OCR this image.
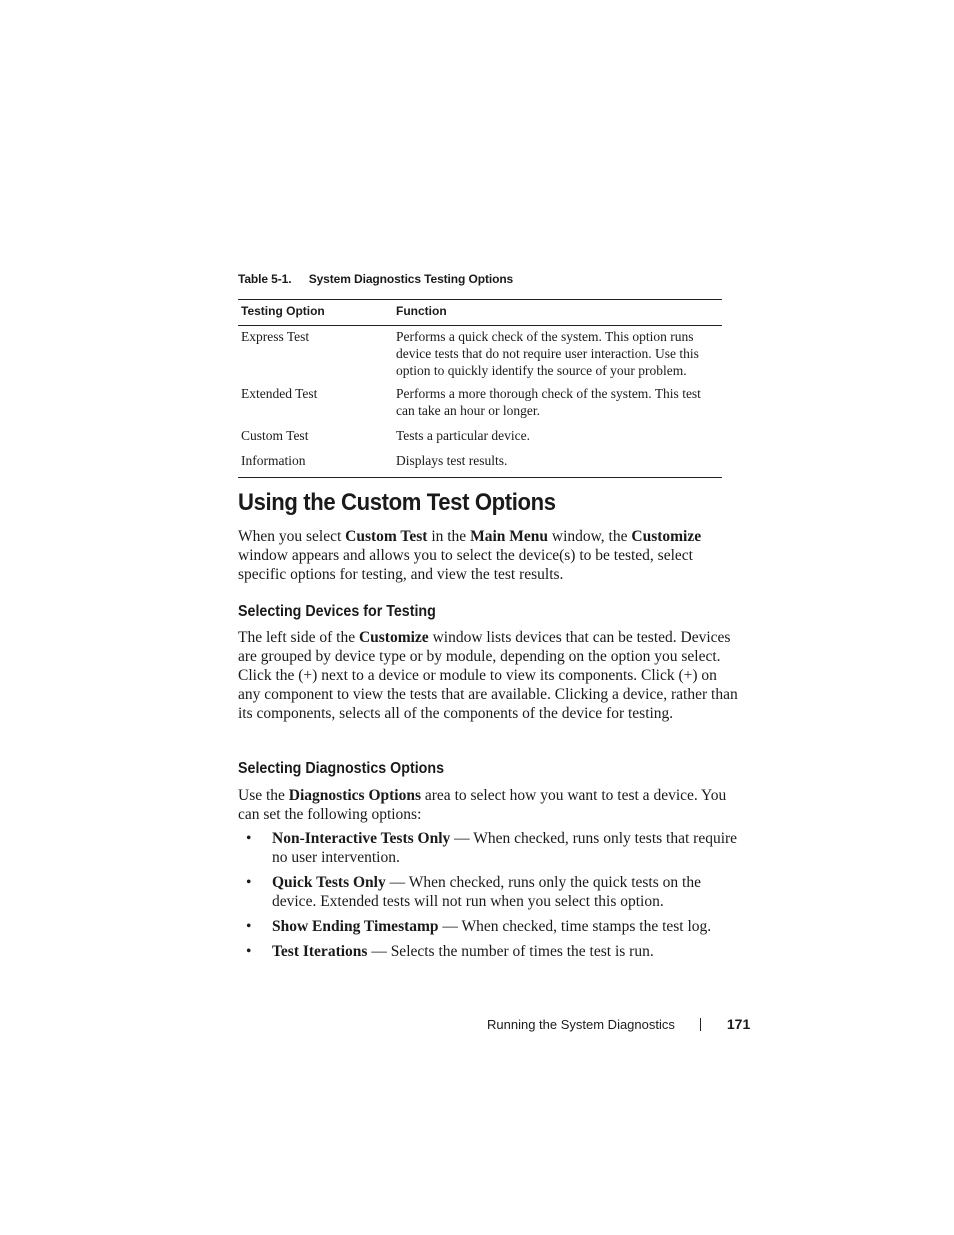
Table 5-1. System Diagnostics Testing Options
Testing Option	Function
Express Test	Performs a quick check of the system. This option runs device tests that do not require user interaction. Use this option to quickly identify the source of your problem.
Extended Test	Performs a more thorough check of the system. This test can take an hour or longer.
Custom Test	Tests a particular device.
Information	Displays test results.
Using the Custom Test Options

When you select Custom Test in the Main Menu window, the Customize window appears and allows you to select the device(s) to be tested, select specific options for testing, and view the test results.

Selecting Devices for Testing

The left side of the Customize window lists devices that can be tested. Devices are grouped by device type or by module, depending on the option you select. Click the (+) next to a device or module to view its components. Click (+) on any component to view the tests that are available. Clicking a device, rather than its components, selects all of the components of the device for testing.

Selecting Diagnostics Options

Use the Diagnostics Options area to select how you want to test a device. You can set the following options:

• Non-Interactive Tests Only — When checked, runs only tests that require no user intervention.
• Quick Tests Only — When checked, runs only the quick tests on the device. Extended tests will not run when you select this option.
• Show Ending Timestamp — When checked, time stamps the test log.
• Test Iterations — Selects the number of times the test is run.
Running the System Diagnostics	171
